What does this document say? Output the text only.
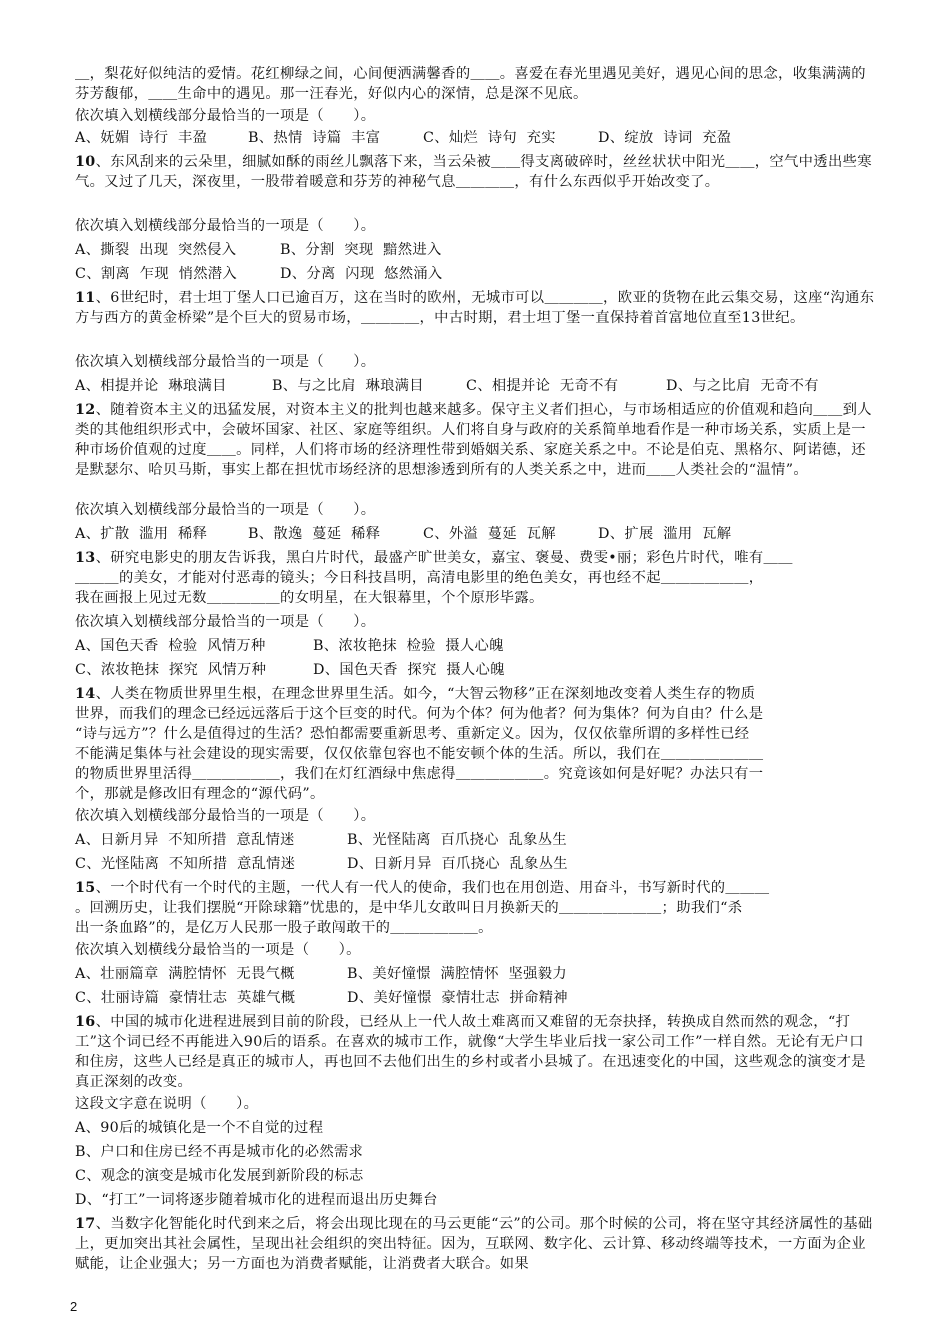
＿，梨花好似纯洁的爱情。花红柳绿之间，心间便洒满馨香的＿＿。喜爱在春光里遇见美好，遇见心间的思念，收集满满的芬芳馥郁，＿＿生命中的遇见。那一汪春光，好似内心的深情，总是深不见底。

依次填入划横线部分最恰当的一项是（　　）。

A、妩媚  诗行  丰盈	B、热情  诗篇  丰富	C、灿烂  诗句  充实	D、绽放  诗词  充盈

10、东风刮来的云朵里，细腻如酥的雨丝儿飘落下来，当云朵被＿＿得支离破碎时，丝丝状状中阳光＿＿，空气中透出些寒气。又过了几天，深夜里，一股带着暖意和芬芳的神秘气息＿＿＿＿，有什么东西似乎开始改变了。

依次填入划横线部分最恰当的一项是（　　）。

A、撕裂  出现  突然侵入	B、分割  突现  黯然进入
C、割离  乍现  悄然潜入	D、分离  闪现  悠然涌入

11、6世纪时，君士坦丁堡人口已逾百万，这在当时的欧州，无城市可以＿＿＿＿，欧亚的货物在此云集交易，这座“沟通东方与西方的黄金桥梁”是个巨大的贸易市场，＿＿＿＿，中古时期，君士坦丁堡一直保持着首富地位直至13世纪。

依次填入划横线部分最恰当的一项是（　　）。

A、相提并论  琳琅满目	B、与之比肩  琳琅满目	C、相提并论  无奇不有	D、与之比肩  无奇不有

12、随着资本主义的迅猛发展，对资本主义的批判也越来越多。保守主义者们担心，与市场相适应的价值观和趋向＿＿到人类的其他组织形式中，会破坏国家、社区、家庭等组织。人们将自身与政府的关系简单地看作是一种市场关系，实质上是一种市场价值观的过度＿＿。同样，人们将市场的经济理性带到婚姻关系、家庭关系之中。不论是伯克、黑格尔、阿诺德，还是默瑟尔、哈贝马斯，事实上都在担忧市场经济的思想渗透到所有的人类关系之中，进而＿＿人类社会的“温情”。

依次填入划横线部分最恰当的一项是（　　）。

A、扩散  滥用  稀释	B、散逸  蔓延  稀释	C、外溢  蔓延  瓦解	D、扩展  滥用  瓦解

13、研究电影史的朋友告诉我，黑白片时代，最盛产旷世美女，嘉宝、褒曼、费雯•丽；彩色片时代，唯有＿＿

＿＿＿的美女，才能对付恶毒的镜头；今日科技昌明，高清电影里的绝色美女，再也经不起＿＿＿＿＿＿，

我在画报上见过无数＿＿＿＿＿的女明星，在大银幕里，个个原形毕露。

依次填入划横线部分最恰当的一项是（　　）。

A、国色天香  检验  风情万种	B、浓妆艳抹  检验  摄人心魄
C、浓妆艳抹  探究  风情万种	D、国色天香  探究  摄人心魄

14、人类在物质世界里生根，在理念世界里生活。如今，“大智云物移”正在深刻地改变着人类生存的物质

世界，而我们的理念已经远远落后于这个巨变的时代。何为个体？何为他者？何为集体？何为自由？什么是

“诗与远方”？什么是值得过的生活？恐怕都需要重新思考、重新定义。因为，仅仅依靠所谓的多样性已经

不能满足集体与社会建设的现实需要，仅仅依靠包容也不能安顿个体的生活。所以，我们在＿＿＿＿＿＿＿

的物质世界里活得＿＿＿＿＿＿，我们在灯红酒绿中焦虑得＿＿＿＿＿＿。究竟该如何是好呢？办法只有一

个，那就是修改旧有理念的“源代码”。

依次填入划横线部分最恰当的一项是（　　）。

A、日新月异  不知所措  意乱情迷	B、光怪陆离  百爪挠心  乱象丛生
C、光怪陆离  不知所措  意乱情迷	D、日新月异  百爪挠心  乱象丛生

15、一个时代有一个时代的主题，一代人有一代人的使命，我们也在用创造、用奋斗，书写新时代的＿＿＿

。回溯历史，让我们摆脱“开除球籍”忧患的，是中华儿女敢叫日月换新天的＿＿＿＿＿＿＿；助我们“杀

出一条血路”的，是亿万人民那一股子敢闯敢干的＿＿＿＿＿＿。

依次填入划横线分最恰当的一项是（　　）。

A、壮丽篇章  满腔情怀  无畏气概	B、美好憧憬  满腔情怀  坚强毅力
C、壮丽诗篇  豪情壮志  英雄气概	D、美好憧憬  豪情壮志  拼命精神

16、中国的城市化进程进展到目前的阶段，已经从上一代人故土难离而又难留的无奈抉择，转换成自然而然的观念，“打工”这个词已经不再能进入90后的语系。在喜欢的城市工作，就像“大学生毕业后找一家公司工作”一样自然。无论有无户口和住房，这些人已经是真正的城市人，再也回不去他们出生的乡村或者小县城了。在迅速变化的中国，这些观念的演变才是真正深刻的改变。

这段文字意在说明（　　）。

A、90后的城镇化是一个不自觉的过程
B、户口和住房已经不再是城市化的必然需求
C、观念的演变是城市化发展到新阶段的标志
D、“打工”一词将逐步随着城市化的进程而退出历史舞台

17、当数字化智能化时代到来之后，将会出现比现在的马云更能“云”的公司。那个时候的公司，将在坚守其经济属性的基础上，更加突出其社会属性，呈现出社会组织的突出特征。因为，互联网、数字化、云计算、移动终端等技术，一方面为企业赋能，让企业强大；另一方面也为消费者赋能，让消费者大联合。如果

2
